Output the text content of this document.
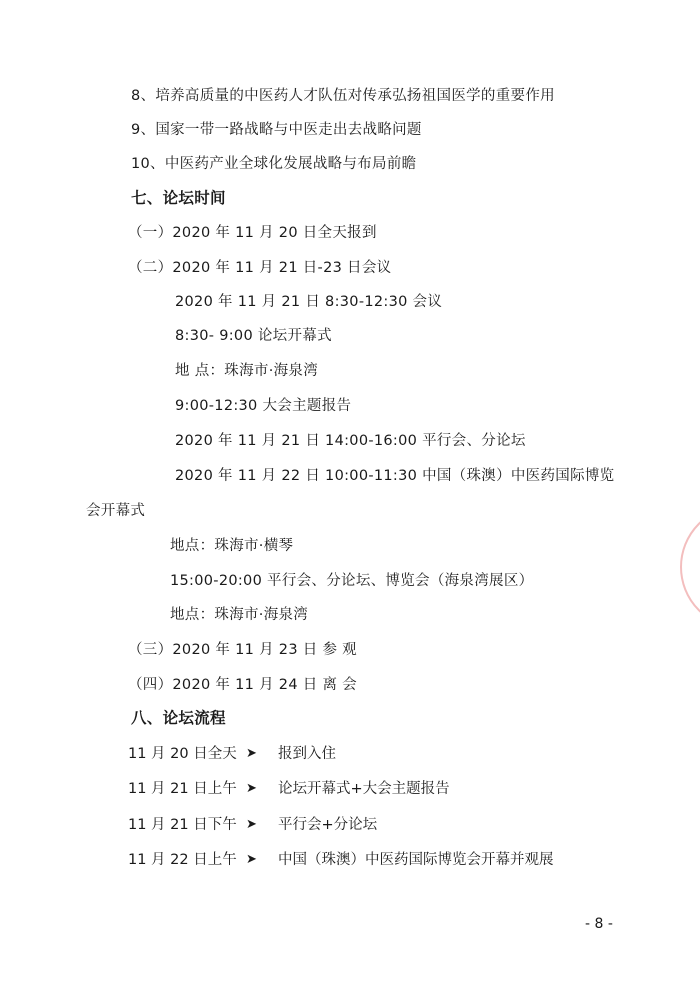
8、培养高质量的中医药人才队伍对传承弘扬祖国医学的重要作用
9、国家一带一路战略与中医走出去战略问题
10、中医药产业全球化发展战略与布局前瞻
七、论坛时间
（一）2020 年 11 月 20 日全天报到
（二）2020 年 11 月 21 日-23 日会议
2020 年 11 月 21 日 8:30-12:30 会议
8:30- 9:00 论坛开幕式
地 点：珠海市·海泉湾
9:00-12:30 大会主题报告
2020 年 11 月 21 日 14:00-16:00 平行会、分论坛
2020 年 11 月 22 日 10:00-11:30 中国（珠澳）中医药国际博览
会开幕式
地点：珠海市·横琴
15:00-20:00 平行会、分论坛、博览会（海泉湾展区）
地点：珠海市·海泉湾
（三）2020 年 11 月 23 日 参 观
（四）2020 年 11 月 24 日 离 会
八、论坛流程
11 月 20 日全天 ➤ 报到入住
11 月 21 日上午 ➤ 论坛开幕式+大会主题报告
11 月 21 日下午 ➤ 平行会+分论坛
11 月 22 日上午 ➤ 中国（珠澳）中医药国际博览会开幕并观展
- 8 -
